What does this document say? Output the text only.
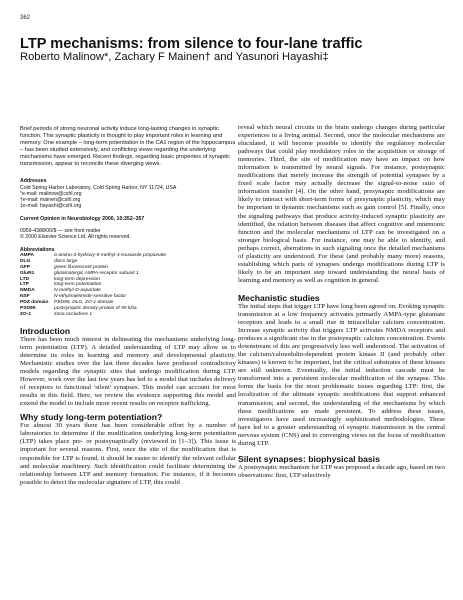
362
LTP mechanisms: from silence to four-lane traffic
Roberto Malinow*, Zachary F Mainen† and Yasunori Hayashi‡

Brief periods of strong neuronal activity induce long-lasting changes in synaptic function. This synaptic plasticity is thought to play important roles in learning and memory. One example – long-term potentiation in the CA1 region of the hippocampus – has been studied extensively, and conflicting views regarding the underlying mechanisms have emerged. Recent findings, regarding basic properties of synaptic transmission, appear to reconcile these diverging views.

Addresses
Cold Spring Harbor Laboratory, Cold Spring Harbor, NY 11724, USA
*e-mail: malinow@cshl.org
†e-mail: mainen@cshl.org
‡e-mail: hayashi@cshl.org
Current Opinion in Neurobiology 2000, 10:352–357
0959-4388/00/$ — see front matter
© 2000 Elsevier Science Ltd. All rights reserved.
Abbreviations
AMPA	α-amino-3-hydroxy-5-methyl-4-isoxazole propionate
DLG	discs large
GFP	green fluorescent protein
GluR1	glutamatergic AMPA-receptor subunit 1
LTD	long-term depression
LTP	long-term potentiation
NMDA	N-methyl-D-aspartate
NSF	N-ethylmaleimide-sensitive factor
PDZ domain	PSD95, DLG, ZO-1 domain
PSD95	postsynaptic density protein of 95 kDa
ZO-1	zona occludens 1
Introduction

There has been much interest in delineating the mechanisms underlying long-term potentiation (LTP). A detailed understanding of LTP may allow us to determine its roles in learning and memory and developmental plasticity. Mechanistic studies over the last three decades have produced contradictory models regarding the synaptic sites that undergo modification during LTP. However, work over the last few years has led to a model that includes delivery of receptors to functional 'silent' synapses. This model can account for most results in this field. Here, we review the evidence supporting this model and extend the model to include more recent results on receptor trafficking.

Why study long-term potentiation?

For almost 30 years there has been considerable effort by a number of laboratories to determine if the modification underlying long-term potentiation (LTP) takes place pre- or postsynaptically (reviewed in [1–3]). This issue is important for several reasons. First, once the site of the modification that is responsible for LTP is found, it should be easier to identify the relevant cellular and molecular machinery. Such identification could facilitate determining the relationship between LTP and memory formation. For instance, if it becomes possible to detect the molecular signature of LTP, this could

reveal which neural circuits in the brain undergo changes during particular experiences in a living animal. Second, once the molecular mechanisms are elucidated, it will become possible to identify the regulatory molecular pathways that could play modulatory roles in the acquisition or storage of memories. Third, the site of modification may have an impact on how information is transmitted by neural signals. For instance, postsynaptic modifications that merely increase the strength of potential synapses by a fixed scale factor may actually decrease the signal-to-noise ratio of information transfer [4]. On the other hand, presynaptic modifications are likely to interact with short-term forms of presynaptic plasticity, which may be important in dynamic mechanisms such as gain control [5]. Finally, once the signaling pathways that produce activity-induced synaptic plasticity are identified, the relation between diseases that affect cognitive and mnemonic function and the molecular mechanisms of LTP can be investigated on a stronger biological basis. For instance, one may be able to identify, and perhaps correct, aberrations in such signaling once the detailed mechanisms of plasticity are understood. For these (and probably many more) reasons, establishing which parts of synapses undergo modifications during LTP is likely to be an important step toward understanding the neural basis of learning and memory as well as cognition in general.

Mechanistic studies

The initial steps that trigger LTP have long been agreed on. Evoking synaptic transmission at a low frequency activates primarily AMPA-type glutamate receptors and leads to a small rise in intracellular calcium concentration. Increase synaptic activity that triggers LTP activates NMDA receptors and produces a significant rise in the postsynaptic calcium concentration. Events downstream of this are progressively less well understood. The activation of the calcium/calmodulin-dependent protein kinase II (and probably other kinases) is known to be important, but the critical substrates of these kinases are still unknown. Eventually, the initial induction cascade must be transformed into a persistent molecular modification of the synapse. This forms the basis for the most problematic issues regarding LTP: first, the localization of the ultimate synaptic modifications that support enhanced transmission; and second, the understanding of the mechanisms by which these modifications are made persistent. To address these issues, investigators have used increasingly sophisticated methodologies. These have led to a greater understanding of synaptic transmission in the central nervous system (CNS) and to converging views on the locus of modification during LTP.

Silent synapses: biophysical basis

A postsynaptic mechanism for LTP was proposed a decade ago, based on two observations: first, LTP selectively
